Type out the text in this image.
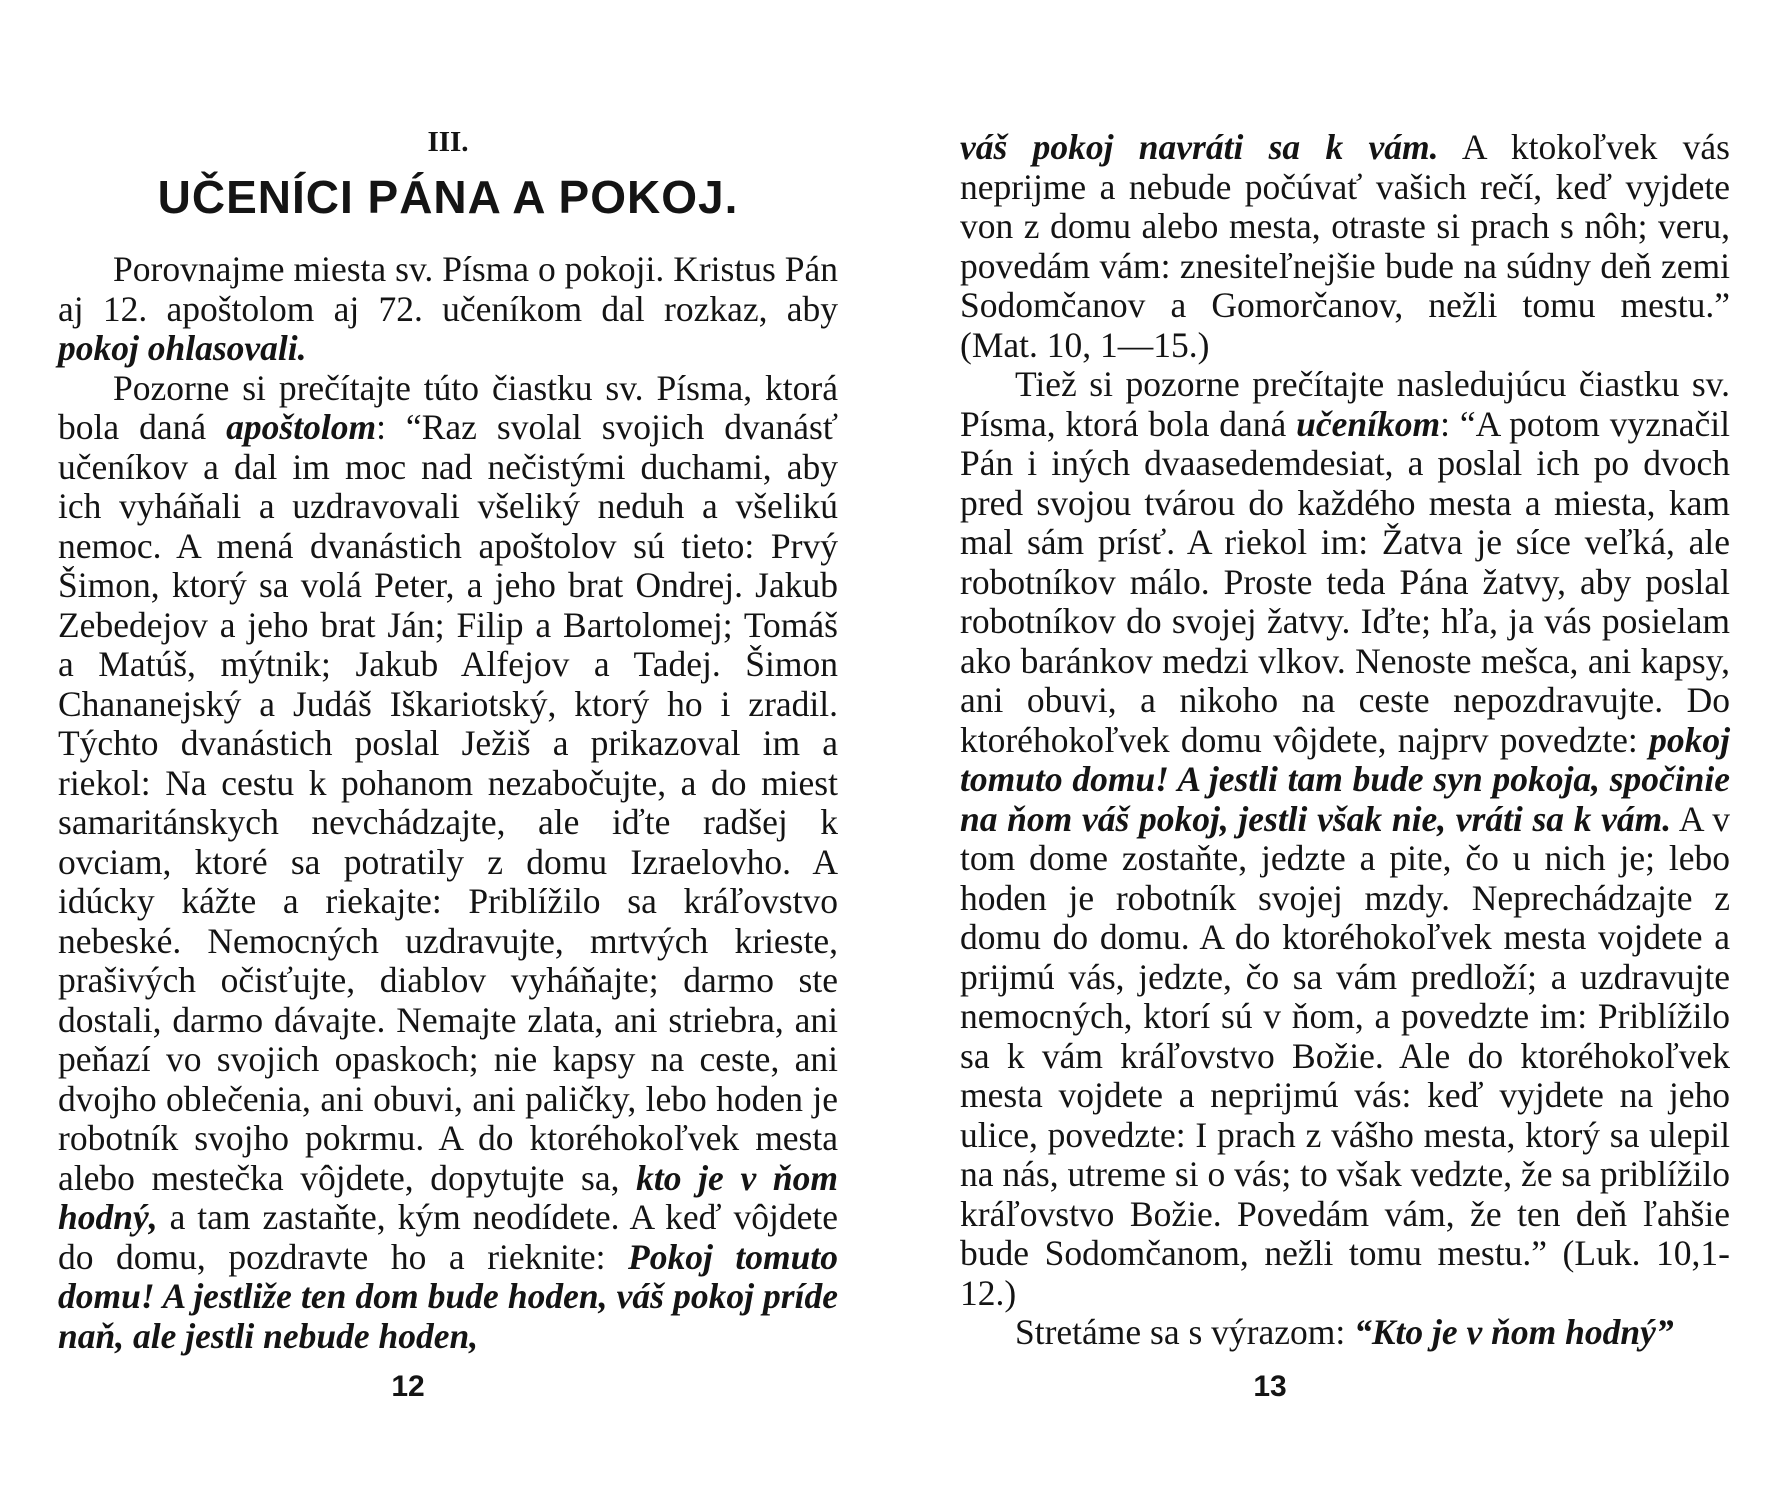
III.
UČENÍCI PÁNA A POKOJ.

Porovnajme miesta sv. Písma o pokoji. Kristus Pán aj 12. apoštolom aj 72. učeníkom dal rozkaz, aby pokoj ohlasovali.

Pozorne si prečítajte túto čiastku sv. Písma, ktorá bola daná apoštolom: “Raz svolal svojich dvanásť učeníkov a dal im moc nad nečistými duchami, aby ich vyháňali a uzdravovali všeliký neduh a všelikú nemoc. A mená dvanástich apoštolov sú tieto: Prvý Šimon, ktorý sa volá Peter, a jeho brat Ondrej. Jakub Zebedejov a jeho brat Ján; Filip a Bartolomej; Tomáš a Matúš, mýtnik; Jakub Alfejov a Tadej. Šimon Chananejský a Judáš Iškariotský, ktorý ho i zradil. Týchto dvanástich poslal Ježiš a prikazoval im a riekol: Na cestu k pohanom nezabočujte, a do miest samaritánskych nevchádzajte, ale iďte radšej k ovciam, ktoré sa potratily z domu Izraelovho. A idúcky kážte a riekajte: Priblížilo sa kráľovstvo nebeské. Nemocných uzdravujte, mrtvých krieste, prašivých očisťujte, diablov vyháňajte; darmo ste dostali, darmo dávajte. Nemajte zlata, ani striebra, ani peňazí vo svojich opaskoch; nie kapsy na ceste, ani dvojho oblečenia, ani obuvi, ani paličky, lebo hoden je robotník svojho pokrmu. A do ktoréhokoľvek mesta alebo mestečka vôjdete, dopytujte sa, kto je v ňom hodný, a tam zastaňte, kým neodídete. A keď vôjdete do domu, pozdravte ho a rieknite: Pokoj tomuto domu! A jestliže ten dom bude hoden, váš pokoj príde naň, ale jestli nebude hoden,

12

váš pokoj navráti sa k vám. A ktokoľvek vás neprijme a nebude počúvať vašich rečí, keď vyjdete von z domu alebo mesta, otraste si prach s nôh; veru, povedám vám: znesiteľnejšie bude na súdny deň zemi Sodomčanov a Gomorčanov, nežli tomu mestu.” (Mat. 10, 1—15.)

Tiež si pozorne prečítajte nasledujúcu čiastku sv. Písma, ktorá bola daná učeníkom: “A potom vyznačil Pán i iných dvaasedemdesiat, a poslal ich po dvoch pred svojou tvárou do každého mesta a miesta, kam mal sám prísť. A riekol im: Žatva je síce veľká, ale robotníkov málo. Proste teda Pána žatvy, aby poslal robotníkov do svojej žatvy. Iďte; hľa, ja vás posielam ako baránkov medzi vlkov. Nenoste mešca, ani kapsy, ani obuvi, a nikoho na ceste nepozdravujte. Do ktoréhokoľvek domu vôjdete, najprv povedzte: pokoj tomuto domu! A jestli tam bude syn pokoja, spočinie na ňom váš pokoj, jestli však nie, vráti sa k vám. A v tom dome zostaňte, jedzte a pite, čo u nich je; lebo hoden je robotník svojej mzdy. Neprechádzajte z domu do domu. A do ktoréhokoľvek mesta vojdete a prijmú vás, jedzte, čo sa vám predloží; a uzdravujte nemocných, ktorí sú v ňom, a povedzte im: Priblížilo sa k vám kráľovstvo Božie. Ale do ktoréhokoľvek mesta vojdete a neprijmú vás: keď vyjdete na jeho ulice, povedzte: I prach z vášho mesta, ktorý sa ulepil na nás, utreme si o vás; to však vedzte, že sa priblížilo kráľovstvo Božie. Povedám vám, že ten deň ľahšie bude Sodomčanom, nežli tomu mestu.” (Luk. 10,1-12.)

Stretáme sa s výrazom: “Kto je v ňom hodný”

13
